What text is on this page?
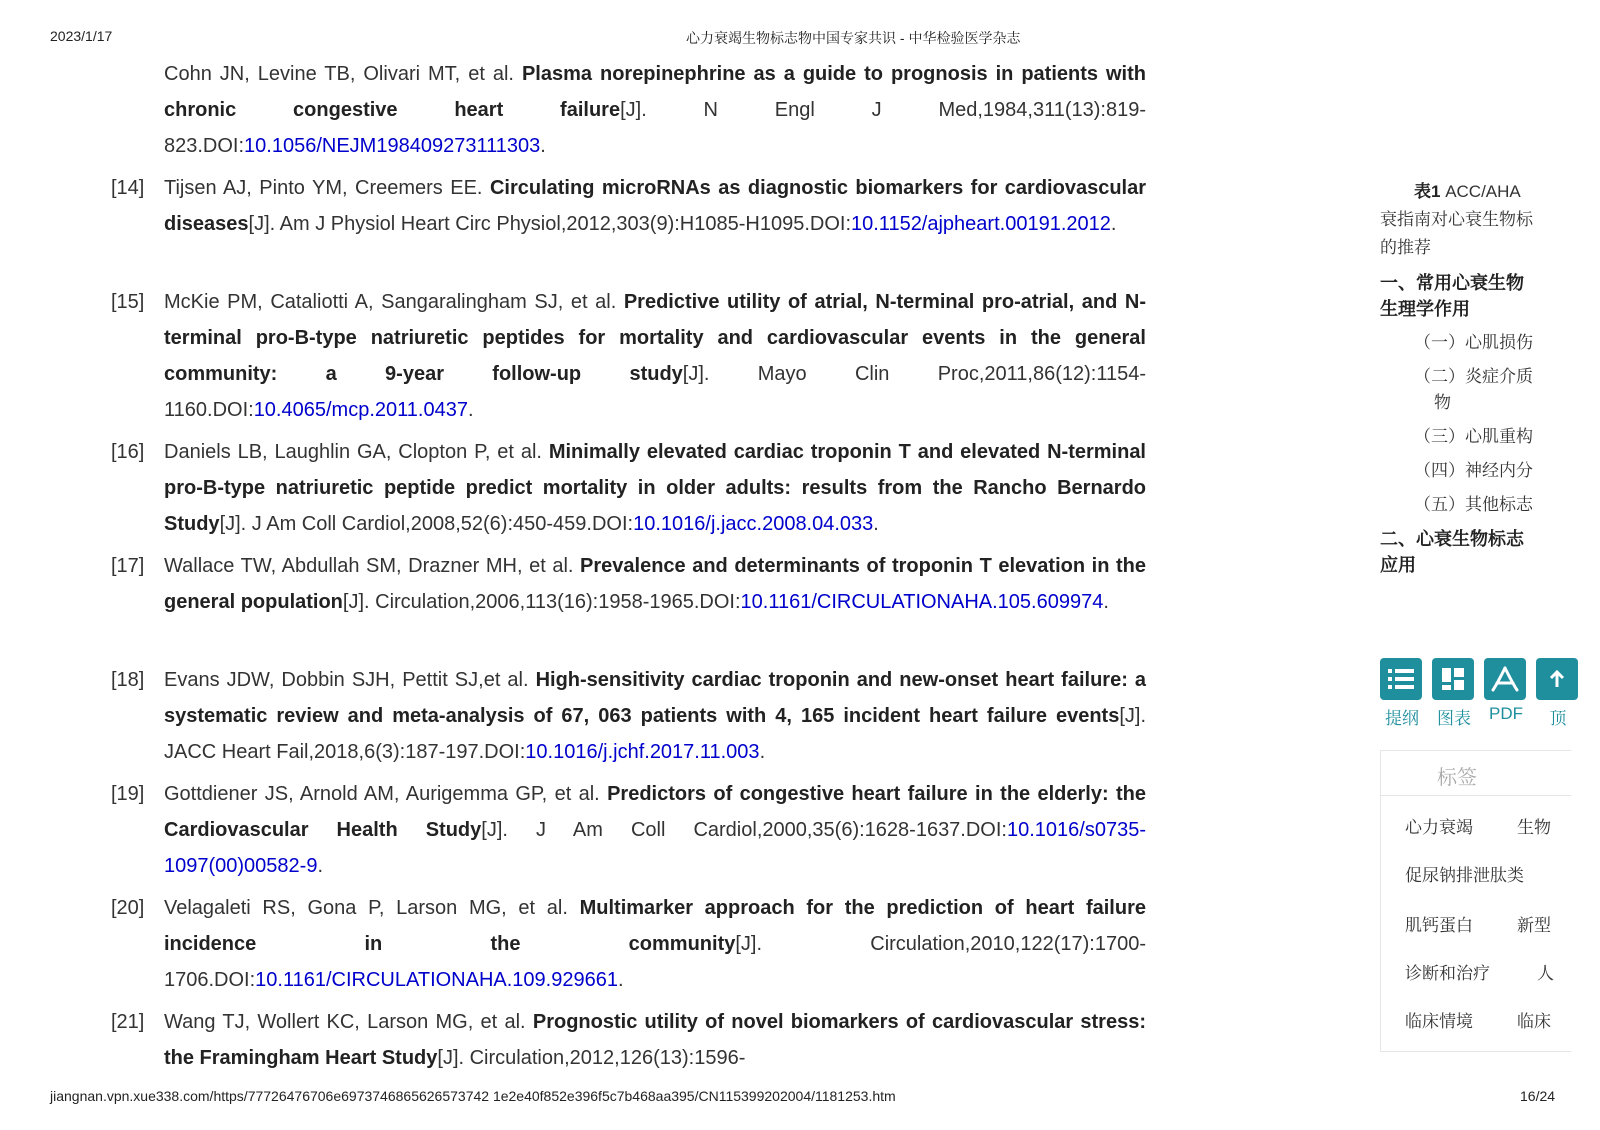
2023/1/17	心力衰竭生物标志物中国专家共识 - 中华检验医学杂志
Cohn JN, Levine TB, Olivari MT, et al. Plasma norepinephrine as a guide to prognosis in patients with chronic congestive heart failure[J]. N Engl J Med,1984,311(13):819-823.DOI:10.1056/NEJM198409273111303.
[14] Tijsen AJ, Pinto YM, Creemers EE. Circulating microRNAs as diagnostic biomarkers for cardiovascular diseases[J]. Am J Physiol Heart Circ Physiol,2012,303(9):H1085-H1095.DOI:10.1152/ajpheart.00191.2012.
[15] McKie PM, Cataliotti A, Sangaralingham SJ, et al. Predictive utility of atrial, N-terminal pro-atrial, and N-terminal pro-B-type natriuretic peptides for mortality and cardiovascular events in the general community: a 9-year follow-up study[J]. Mayo Clin Proc,2011,86(12):1154-1160.DOI:10.4065/mcp.2011.0437.
[16] Daniels LB, Laughlin GA, Clopton P, et al. Minimally elevated cardiac troponin T and elevated N-terminal pro-B-type natriuretic peptide predict mortality in older adults: results from the Rancho Bernardo Study[J]. J Am Coll Cardiol,2008,52(6):450-459.DOI:10.1016/j.jacc.2008.04.033.
[17] Wallace TW, Abdullah SM, Drazner MH, et al. Prevalence and determinants of troponin T elevation in the general population[J]. Circulation,2006,113(16):1958-1965.DOI:10.1161/CIRCULATIONAHA.105.609974.
[18] Evans JDW, Dobbin SJH, Pettit SJ,et al. High-sensitivity cardiac troponin and new-onset heart failure: a systematic review and meta-analysis of 67, 063 patients with 4, 165 incident heart failure events[J]. JACC Heart Fail,2018,6(3):187-197.DOI:10.1016/j.jchf.2017.11.003.
[19] Gottdiener JS, Arnold AM, Aurigemma GP, et al. Predictors of congestive heart failure in the elderly: the Cardiovascular Health Study[J]. J Am Coll Cardiol,2000,35(6):1628-1637.DOI:10.1016/s0735-1097(00)00582-9.
[20] Velagaleti RS, Gona P, Larson MG, et al. Multimarker approach for the prediction of heart failure incidence in the community[J]. Circulation,2010,122(17):1700-1706.DOI:10.1161/CIRCULATIONAHA.109.929661.
[21] Wang TJ, Wollert KC, Larson MG, et al. Prognostic utility of novel biomarkers of cardiovascular stress: the Framingham Heart Study[J]. Circulation,2012,126(13):1596-
表1 ACC/AHA
衰指南对心衰生物标
的推荐
一、常用心衰生物
生理学作用
（一）心肌损伤
（二）炎症介质
物
（三）心肌重构
（四）神经内分
（五）其他标志
二、心衰生物标志
应用
提纲 图表 PDF	顶
标签
心力衰竭	生物
促尿钠排泄肽类
肌钙蛋白	新型
诊断和治疗	人
临床情境	临床
jiangnan.vpn.xue338.com/https/77726476706e6973746865626573742 1e2e40f852e396f5c7b468aa395/CN115399202004/1181253.htm	16/24
